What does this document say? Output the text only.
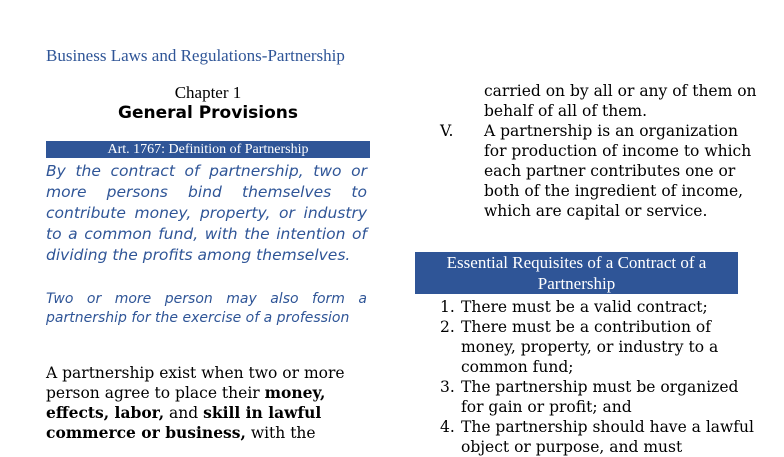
Business Laws and Regulations-Partnership
Chapter 1
General Provisions
Art. 1767: Definition of Partnership
By the contract of partnership, two or more persons bind themselves to contribute money, property, or industry to a common fund, with the intention of dividing the profits among themselves.
Two or more person may also form a partnership for the exercise of a profession
A partnership exist when two or more person agree to place their money, effects, labor, and skill in lawful commerce or business, with the
carried on by all or any of them on behalf of all of them.
V. A partnership is an organization for production of income to which each partner contributes one or both of the ingredient of income, which are capital or service.
Essential Requisites of a Contract of a Partnership
1. There must be a valid contract;
2. There must be a contribution of money, property, or industry to a common fund;
3. The partnership must be organized for gain or profit; and
4. The partnership should have a lawful object or purpose, and must
